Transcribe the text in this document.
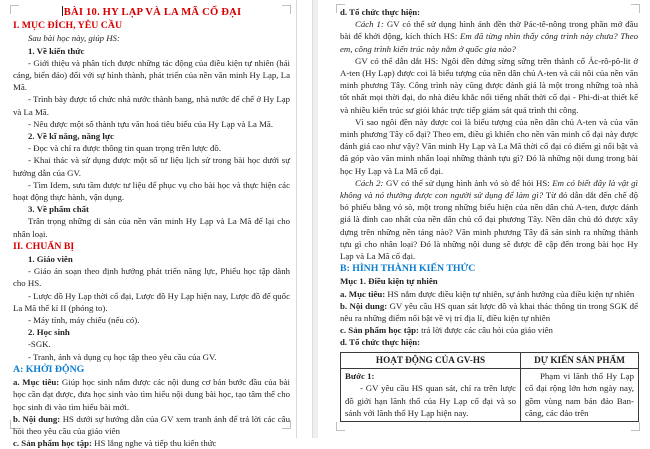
BÀI 10. HY LẠP VÀ LA MÃ CỔ ĐẠI

I. MỤC ĐÍCH, YÊU CẦU

Sau bài học này, giúp HS:

1. Về kiến thức

- Giới thiệu và phân tích được những tác động của điều kiện tự nhiên (hải cảng, biển đảo) đối với sự hình thành, phát triển của nền văn minh Hy Lạp, La Mã.

- Trình bày được tổ chức nhà nước thành bang, nhà nước đế chế ở Hy Lạp và La Mã.

- Nêu được một số thành tựu văn hoá tiêu biểu của Hy Lạp và La Mã.

2. Về kĩ năng, năng lực

- Đọc và chỉ ra được thông tin quan trọng trên lược đồ.

- Khai thác và sử dụng được một số tư liệu lịch sử trong bài học dưới sự hướng dẫn của GV.

- Tìm Idem, sưu tầm được tư liệu để phục vụ cho bài học và thực hiện các hoạt động thực hành, vận dụng.

3. Về phẩm chất

Trân trọng những di sản của nền văn minh Hy Lạp và La Mã để lại cho nhân loại.

II. CHUẨN BỊ

1. Giáo viên

- Giáo án soạn theo định hướng phát triển năng lực, Phiếu học tập dành cho HS.

- Lược đồ Hy Lạp thời cổ đại, Lược đồ Hy Lạp hiện nay, Lược đồ đế quốc La Mã thế kỉ II (phóng to).

- Máy tính, máy chiếu (nếu có).

2. Học sinh

-SGK.

- Tranh, ảnh và dụng cụ học tập theo yêu cầu của GV.

A: KHỞI ĐỘNG

a. Mục tiêu: Giúp học sinh nắm được các nội dung cơ bản bước đầu của bài học cần đạt được, đưa học sinh vào tìm hiểu nội dung bài học, tạo tâm thế cho học sinh đi vào tìm hiểu bài mới.

b. Nội dung: HS dưới sự hướng dẫn của GV xem tranh ảnh để trả lời các câu hỏi theo yêu cầu của giáo viên

c. Sản phẩm học tập: HS lắng nghe và tiếp thu kiến thức

d. Tổ chức thực hiện:

Cách 1: GV có thể sử dụng hình ảnh đền thờ Pác-tê-nông trong phần mở đầu bài để khởi động, kích thích HS: Em đã từng nhìn thấy công trình này chưa? Theo em, công trình kiến trúc này nằm ở quốc gia nào?

GV có thể dẫn dắt HS: Ngôi đền đứng sừng sững trên thành cổ Ác-rô-pô-lit ở A-ten (Hy Lạp) được coi là biểu tượng của nền dân chủ A-ten và cái nôi của nền văn minh phương Tây. Công trình này cũng được đánh giá là một trong những toà nhà tốt nhất mọi thời đại, do nhà điêu khắc nổi tiếng nhất thời cổ đại - Phi-đi-at thiết kế và nhiều kiến trúc sư giỏi khác trực tiếp giám sát quá trình thi công.

Vì sao ngôi đền này được coi là biểu tượng của nền dân chủ A-ten và của văn minh phương Tây cổ đại? Theo em, điều gì khiến cho nền văn minh cổ đại này được đánh giá cao như vậy? Văn minh Hy Lạp và La Mã thời cổ đại có điểm gì nổi bật và đã góp vào văn minh nhân loại những thành tựu gì? Đó là những nội dung trong bài học Hy Lạp và La Mã cổ đại.

Cách 2: GV có thể sử dụng hình ảnh vỏ sò để hỏi HS: Em có biết đây là vật gì không và nó thường được con người sử dụng để làm gì? Từ đó dẫn dắt đến chế độ bỏ phiếu bằng vỏ sò, một trong những biểu hiện của nền dân chủ A-ten, được đánh giá là đỉnh cao nhất của nền dân chủ cổ đại phương Tây. Nền dân chủ đó được xây dựng trên những nền tảng nào? Văn minh phương Tây đã sản sinh ra những thành tựu gì cho nhân loại? Đó là những nội dung sẽ được đề cập đến trong bài học Hy Lạp và La Mã cổ đại.

B: HÌNH THÀNH KIẾN THỨC

Mục 1. Điều kiện tự nhiên

a. Mục tiêu: HS nắm được điều kiện tự nhiên, sự ảnh hưởng của điều kiện tự nhiên

b. Nội dung: GV yêu cầu HS quan sát lược đồ và khai thác thông tin trong SGK để nêu ra những điểm nổi bật về vị trí địa lí, điều kiện tự nhiên

c. Sản phẩm học tập: trả lời được các câu hỏi của giáo viên

d. Tổ chức thực hiện:

HOẠT ĐỘNG CỦA GV-HS	DỰ KIẾN SẢN PHẨM

Bước 1:

- GV yêu cầu HS quan sát, chỉ ra trên lược đồ giới hạn lãnh thổ của Hy Lạp cổ đại và so sánh với lãnh thổ Hy Lạp hiện nay.	Phạm vi lãnh thổ Hy Lạp cổ đại rộng lớn hơn ngày nay, gồm vùng nam bán đảo Ban-căng, các đảo trên
